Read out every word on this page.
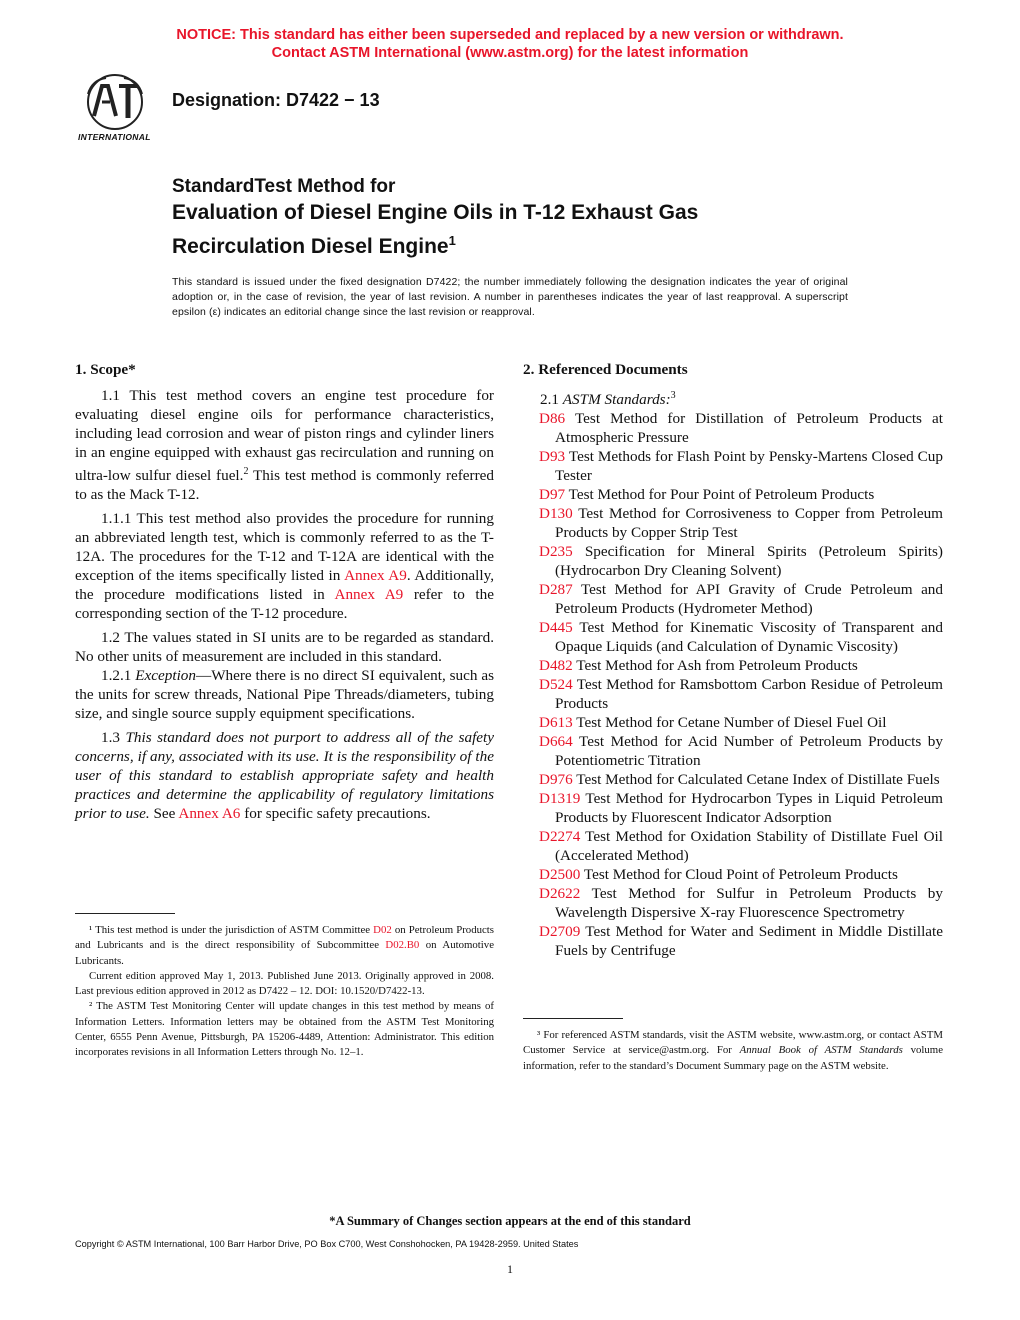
NOTICE: This standard has either been superseded and replaced by a new version or withdrawn.
Contact ASTM International (www.astm.org) for the latest information
INTERNATIONAL
Designation: D7422 − 13
StandardTest Method for
Evaluation of Diesel Engine Oils in T-12 Exhaust Gas
Recirculation Diesel Engine$^1$
This standard is issued under the fixed designation D7422; the number immediately following the designation indicates the year of original adoption or, in the case of revision, the year of last revision. A number in parentheses indicates the year of last reapproval. A superscript epsilon (ε) indicates an editorial change since the last revision or reapproval.
1. Scope*

1.1 This test method covers an engine test procedure for evaluating diesel engine oils for performance characteristics, including lead corrosion and wear of piston rings and cylinder liners in an engine equipped with exhaust gas recirculation and running on ultra-low sulfur diesel fuel.$^2$ This test method is commonly referred to as the Mack T-12.

1.1.1 This test method also provides the procedure for running an abbreviated length test, which is commonly referred to as the T-12A. The procedures for the T-12 and T-12A are identical with the exception of the items specifically listed in Annex A9. Additionally, the procedure modifications listed in Annex A9 refer to the corresponding section of the T-12 procedure.

1.2 The values stated in SI units are to be regarded as standard. No other units of measurement are included in this standard.

1.2.1 Exception—Where there is no direct SI equivalent, such as the units for screw threads, National Pipe Threads/diameters, tubing size, and single source supply equipment specifications.

1.3 This standard does not purport to address all of the safety concerns, if any, associated with its use. It is the responsibility of the user of this standard to establish appropriate safety and health practices and determine the applicability of regulatory limitations prior to use. See Annex A6 for specific safety precautions.

2. Referenced Documents

2.1 ASTM Standards:$^3$

D86 Test Method for Distillation of Petroleum Products at Atmospheric Pressure
D93 Test Methods for Flash Point by Pensky-Martens Closed Cup Tester
D97 Test Method for Pour Point of Petroleum Products
D130 Test Method for Corrosiveness to Copper from Petroleum Products by Copper Strip Test
D235 Specification for Mineral Spirits (Petroleum Spirits) (Hydrocarbon Dry Cleaning Solvent)
D287 Test Method for API Gravity of Crude Petroleum and Petroleum Products (Hydrometer Method)
D445 Test Method for Kinematic Viscosity of Transparent and Opaque Liquids (and Calculation of Dynamic Viscosity)
D482 Test Method for Ash from Petroleum Products
D524 Test Method for Ramsbottom Carbon Residue of Petroleum Products
D613 Test Method for Cetane Number of Diesel Fuel Oil
D664 Test Method for Acid Number of Petroleum Products by Potentiometric Titration
D976 Test Method for Calculated Cetane Index of Distillate Fuels
D1319 Test Method for Hydrocarbon Types in Liquid Petroleum Products by Fluorescent Indicator Adsorption
D2274 Test Method for Oxidation Stability of Distillate Fuel Oil (Accelerated Method)
D2500 Test Method for Cloud Point of Petroleum Products
D2622 Test Method for Sulfur in Petroleum Products by Wavelength Dispersive X-ray Fluorescence Spectrometry
D2709 Test Method for Water and Sediment in Middle Distillate Fuels by Centrifuge

¹ This test method is under the jurisdiction of ASTM Committee D02 on Petroleum Products and Lubricants and is the direct responsibility of Subcommittee D02.B0 on Automotive Lubricants.

Current edition approved May 1, 2013. Published June 2013. Originally approved in 2008. Last previous edition approved in 2012 as D7422 – 12. DOI: 10.1520/D7422-13.

² The ASTM Test Monitoring Center will update changes in this test method by means of Information Letters. Information letters may be obtained from the ASTM Test Monitoring Center, 6555 Penn Avenue, Pittsburgh, PA 15206-4489, Attention: Administrator. This edition incorporates revisions in all Information Letters through No. 12–1.

³ For referenced ASTM standards, visit the ASTM website, www.astm.org, or contact ASTM Customer Service at service@astm.org. For Annual Book of ASTM Standards volume information, refer to the standard’s Document Summary page on the ASTM website.

*A Summary of Changes section appears at the end of this standard
Copyright © ASTM International, 100 Barr Harbor Drive, PO Box C700, West Conshohocken, PA 19428-2959. United States
1
